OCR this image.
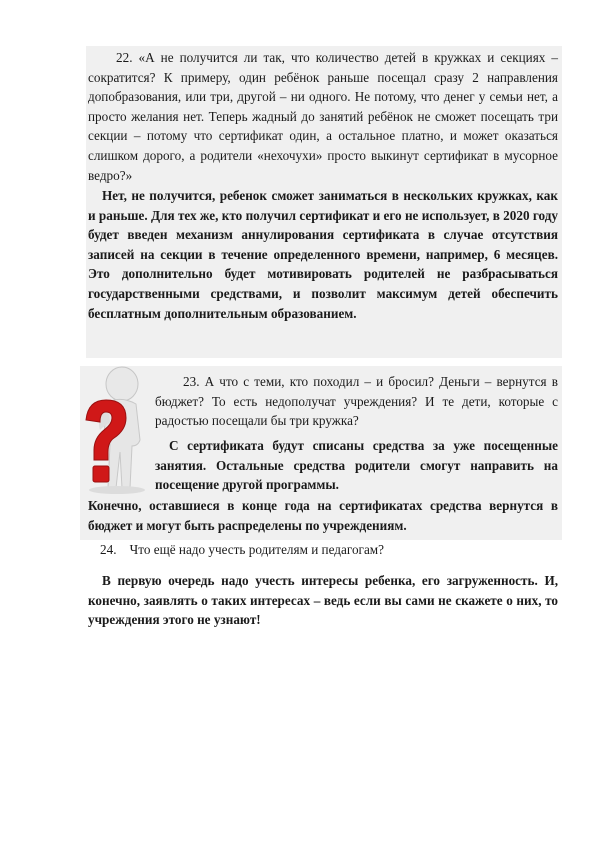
22. «А не получится ли так, что количество детей в кружках и секциях – сократится? К примеру, один ребёнок раньше посещал сразу 2 направления допобразования, или три, другой – ни одного. Не потому, что денег у семьи нет, а просто желания нет. Теперь жадный до занятий ребёнок не сможет посещать три секции – потому что сертификат один, а остальное платно, и может оказаться слишком дорого, а родители «нехочухи» просто выкинут сертификат в мусорное ведро?»

Нет, не получится, ребенок сможет заниматься в нескольких кружках, как и раньше. Для тех же, кто получил сертификат и его не использует, в 2020 году будет введен механизм аннулирования сертификата в случае отсутствия записей на секции в течение определенного времени, например, 6 месяцев. Это дополнительно будет мотивировать родителей не разбрасываться государственными средствами, и позволит максимум детей обеспечить бесплатным дополнительным образованием.

23. А что с теми, кто походил – и бросил? Деньги – вернутся в бюджет? То есть недополучат учреждения? И те дети, которые с радостью посещали бы три кружка?

С сертификата будут списаны средства за уже посещенные занятия. Остальные средства родители смогут направить на посещение другой программы.

Конечно, оставшиеся в конце года на сертификатах средства вернутся в бюджет и могут быть распределены по учреждениям.

24. Что ещё надо учесть родителям и педагогам?

В первую очередь надо учесть интересы ребенка, его загруженность. И, конечно, заявлять о таких интересах – ведь если вы сами не скажете о них, то учреждения этого не узнают!
